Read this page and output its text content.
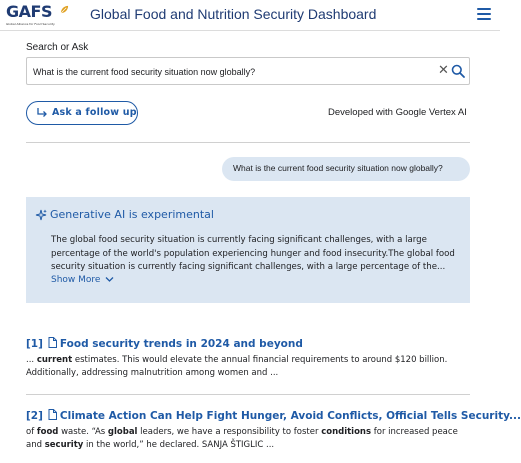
GAFS
Global Alliance for Food Security
Global Food and Nutrition Security Dashboard
Search or Ask
What is the current food security situation now globally?
✕
Ask a follow up	Developed with Google Vertex AI
What is the current food security situation now globally?
Generative AI is experimental
The global food security situation is currently facing significant challenges, with a large
percentage of the world's population experiencing hunger and food insecurity.The global food
security situation is currently facing significant challenges, with a large percentage of the...
Show More
[1] Food security trends in 2024 and beyond
... current estimates. This would elevate the annual financial requirements to around $120 billion.
Additionally, addressing malnutrition among women and ...
[2] Climate Action Can Help Fight Hunger, Avoid Conflicts, Official Tells Security...
of food waste. “As global leaders, we have a responsibility to foster conditions for increased peace
and security in the world,” he declared. SANJA ŠTIGLIC ...
